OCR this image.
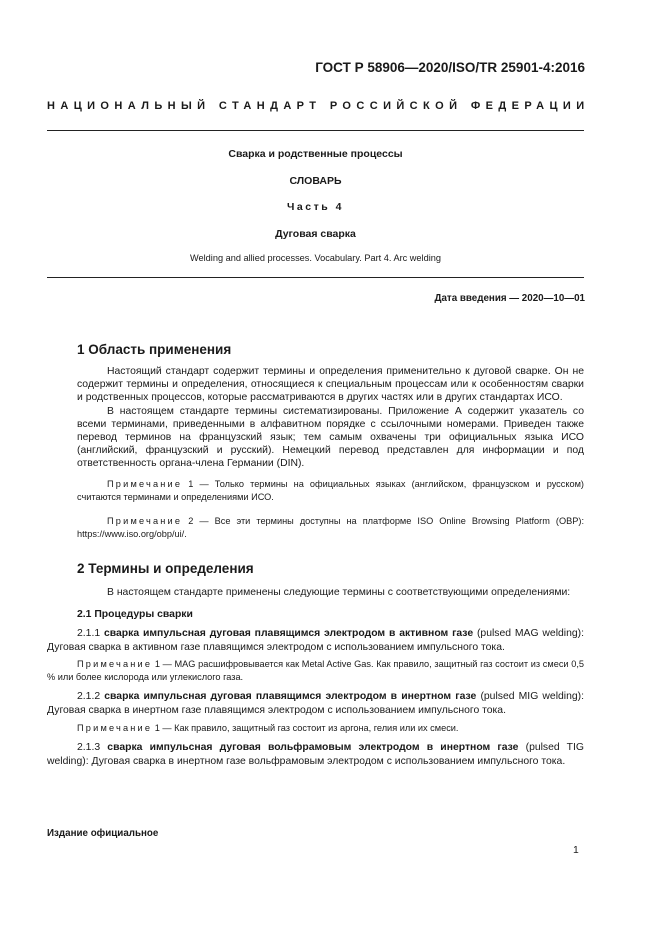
ГОСТ Р 58906—2020/ISO/TR 25901-4:2016
НАЦИОНАЛЬНЫЙ СТАНДАРТ РОССИЙСКОЙ ФЕДЕРАЦИИ
Сварка и родственные процессы
СЛОВАРЬ
Часть 4
Дуговая сварка
Welding and allied processes. Vocabulary. Part 4. Arc welding
Дата введения — 2020—10—01
1 Область применения

Настоящий стандарт содержит термины и определения применительно к дуговой сварке. Он не содержит термины и определения, относящиеся к специальным процессам или к особенностям сварки и родственных процессов, которые рассматриваются в других частях или в других стандартах ИСО.

В настоящем стандарте термины систематизированы. Приложение А содержит указатель со всеми терминами, приведенными в алфавитном порядке с ссылочными номерами. Приведен также перевод терминов на французский язык; тем самым охвачены три официальных языка ИСО (английский, французский и русский). Немецкий перевод представлен для информации и под ответственность органа-члена Германии (DIN).

Примечание 1 — Только термины на официальных языках (английском, французском и русском) считаются терминами и определениями ИСО.
Примечание 2 — Все эти термины доступны на платформе ISO Online Browsing Platform (OBP): https://www.iso.org/obp/ui/.
2 Термины и определения

В настоящем стандарте применены следующие термины с соответствующими определениями:

2.1 Процедуры сварки

2.1.1 сварка импульсная дуговая плавящимся электродом в активном газе (pulsed MAG welding): Дуговая сварка в активном газе плавящимся электродом с использованием импульсного тока.

Примечание 1 — MAG расшифровывается как Metal Active Gas. Как правило, защитный газ состоит из смеси 0,5 % или более кислорода или углекислого газа.

2.1.2 сварка импульсная дуговая плавящимся электродом в инертном газе (pulsed MIG welding): Дуговая сварка в инертном газе плавящимся электродом с использованием импульсного тока.

Примечание 1 — Как правило, защитный газ состоит из аргона, гелия или их смеси.

2.1.3 сварка импульсная дуговая вольфрамовым электродом в инертном газе (pulsed TIG welding): Дуговая сварка в инертном газе вольфрамовым электродом с использованием импульсного тока.

Издание официальное
1
